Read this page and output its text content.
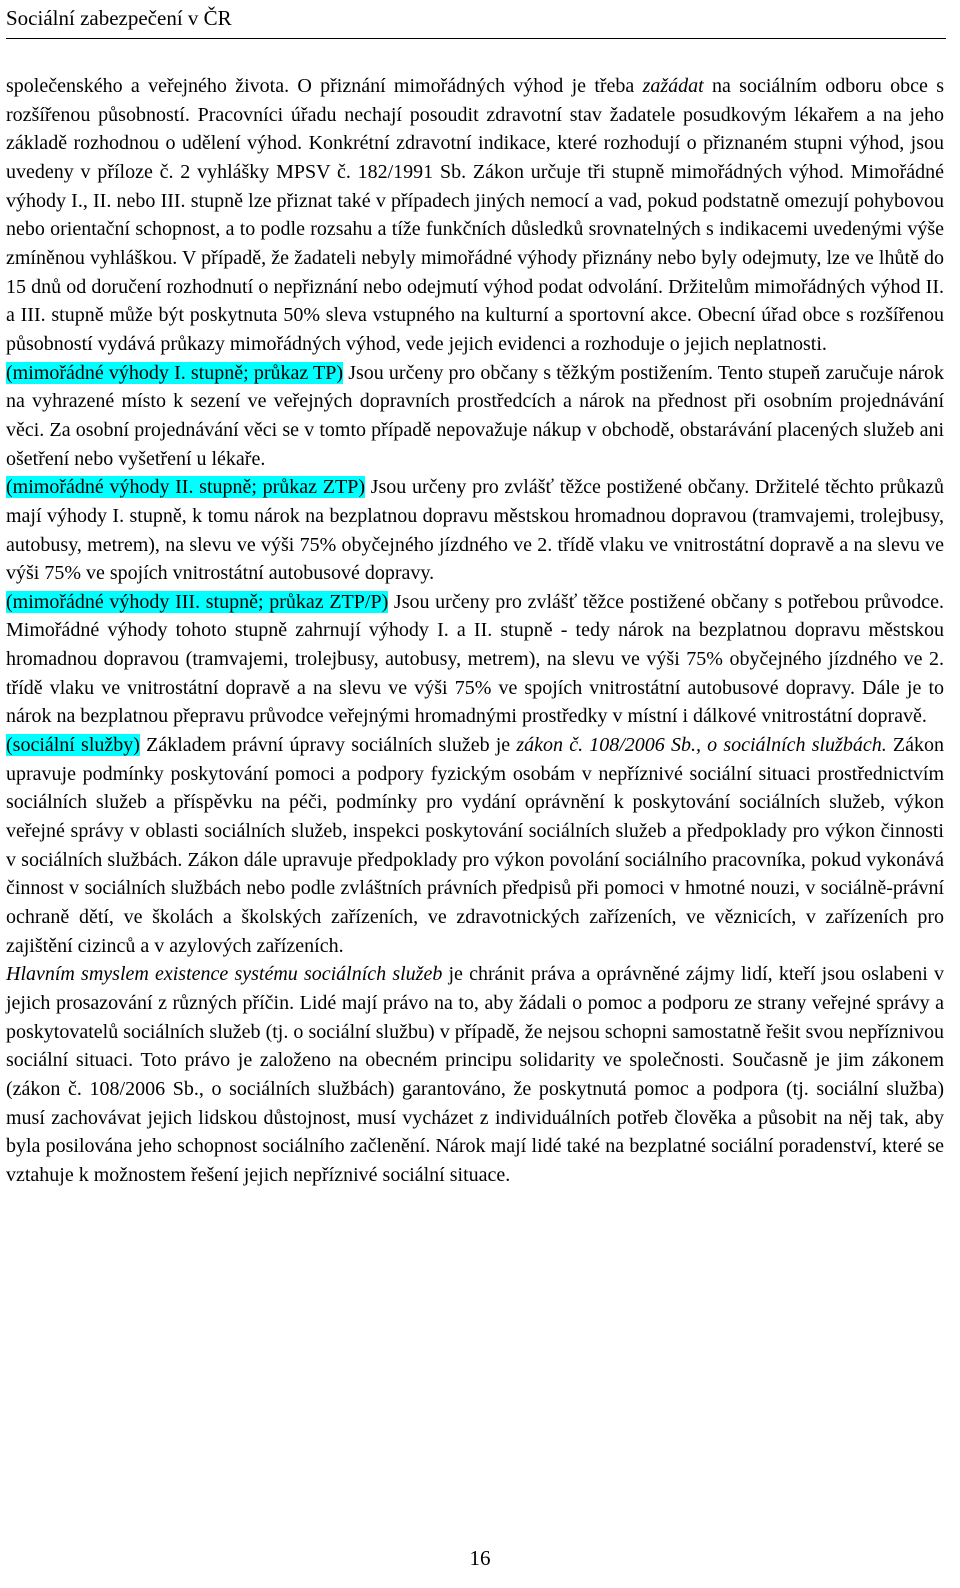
Sociální zabezpečení v ČR

společenského a veřejného života. O přiznání mimořádných výhod je třeba zažádat na sociálním odboru obce s rozšířenou působností. Pracovníci úřadu nechají posoudit zdravotní stav žadatele posudkovým lékařem a na jeho základě rozhodnou o udělení výhod. Konkrétní zdravotní indikace, které rozhodují o přiznaném stupni výhod, jsou uvedeny v příloze č. 2 vyhlášky MPSV č. 182/1991 Sb. Zákon určuje tři stupně mimořádných výhod. Mimořádné výhody I., II. nebo III. stupně lze přiznat také v případech jiných nemocí a vad, pokud podstatně omezují pohybovou nebo orientační schopnost, a to podle rozsahu a tíže funkčních důsledků srovnatelných s indikacemi uvedenými výše zmíněnou vyhláškou. V případě, že žadateli nebyly mimořádné výhody přiznány nebo byly odejmuty, lze ve lhůtě do 15 dnů od doručení rozhodnutí o nepřiznání nebo odejmutí výhod podat odvolání. Držitelům mimořádných výhod II. a III. stupně může být poskytnuta 50% sleva vstupného na kulturní a sportovní akce. Obecní úřad obce s rozšířenou působností vydává průkazy mimořádných výhod, vede jejich evidenci a rozhoduje o jejich neplatnosti.

(mimořádné výhody I. stupně; průkaz TP) Jsou určeny pro občany s těžkým postižením. Tento stupeň zaručuje nárok na vyhrazené místo k sezení ve veřejných dopravních prostředcích a nárok na přednost při osobním projednávání věci. Za osobní projednávání věci se v tomto případě nepovažuje nákup v obchodě, obstarávání placených služeb ani ošetření nebo vyšetření u lékaře.

(mimořádné výhody II. stupně; průkaz ZTP) Jsou určeny pro zvlášť těžce postižené občany. Držitelé těchto průkazů mají výhody I. stupně, k tomu nárok na bezplatnou dopravu městskou hromadnou dopravou (tramvajemi, trolejbusy, autobusy, metrem), na slevu ve výši 75% obyčejného jízdného ve 2. třídě vlaku ve vnitrostátní dopravě a na slevu ve výši 75% ve spojích vnitrostátní autobusové dopravy.

(mimořádné výhody III. stupně; průkaz ZTP/P) Jsou určeny pro zvlášť těžce postižené občany s potřebou průvodce. Mimořádné výhody tohoto stupně zahrnují výhody I. a II. stupně - tedy nárok na bezplatnou dopravu městskou hromadnou dopravou (tramvajemi, trolejbusy, autobusy, metrem), na slevu ve výši 75% obyčejného jízdného ve 2. třídě vlaku ve vnitrostátní dopravě a na slevu ve výši 75% ve spojích vnitrostátní autobusové dopravy. Dále je to nárok na bezplatnou přepravu průvodce veřejnými hromadnými prostředky v místní i dálkové vnitrostátní dopravě.

(sociální služby) Základem právní úpravy sociálních služeb je zákon č. 108/2006 Sb., o sociálních službách. Zákon upravuje podmínky poskytování pomoci a podpory fyzickým osobám v nepříznivé sociální situaci prostřednictvím sociálních služeb a příspěvku na péči, podmínky pro vydání oprávnění k poskytování sociálních služeb, výkon veřejné správy v oblasti sociálních služeb, inspekci poskytování sociálních služeb a předpoklady pro výkon činnosti v sociálních službách. Zákon dále upravuje předpoklady pro výkon povolání sociálního pracovníka, pokud vykonává činnost v sociálních službách nebo podle zvláštních právních předpisů při pomoci v hmotné nouzi, v sociálně-právní ochraně dětí, ve školách a školských zařízeních, ve zdravotnických zařízeních, ve věznicích, v zařízeních pro zajištění cizinců a v azylových zařízeních.

Hlavním smyslem existence systému sociálních služeb je chránit práva a oprávněné zájmy lidí, kteří jsou oslabeni v jejich prosazování z různých příčin. Lidé mají právo na to, aby žádali o pomoc a podporu ze strany veřejné správy a poskytovatelů sociálních služeb (tj. o sociální službu) v případě, že nejsou schopni samostatně řešit svou nepříznivou sociální situaci. Toto právo je založeno na obecném principu solidarity ve společnosti. Současně je jim zákonem (zákon č. 108/2006 Sb., o sociálních službách) garantováno, že poskytnutá pomoc a podpora (tj. sociální služba) musí zachovávat jejich lidskou důstojnost, musí vycházet z individuálních potřeb člověka a působit na něj tak, aby byla posilována jeho schopnost sociálního začlenění. Nárok mají lidé také na bezplatné sociální poradenství, které se vztahuje k možnostem řešení jejich nepříznivé sociální situace.

16
